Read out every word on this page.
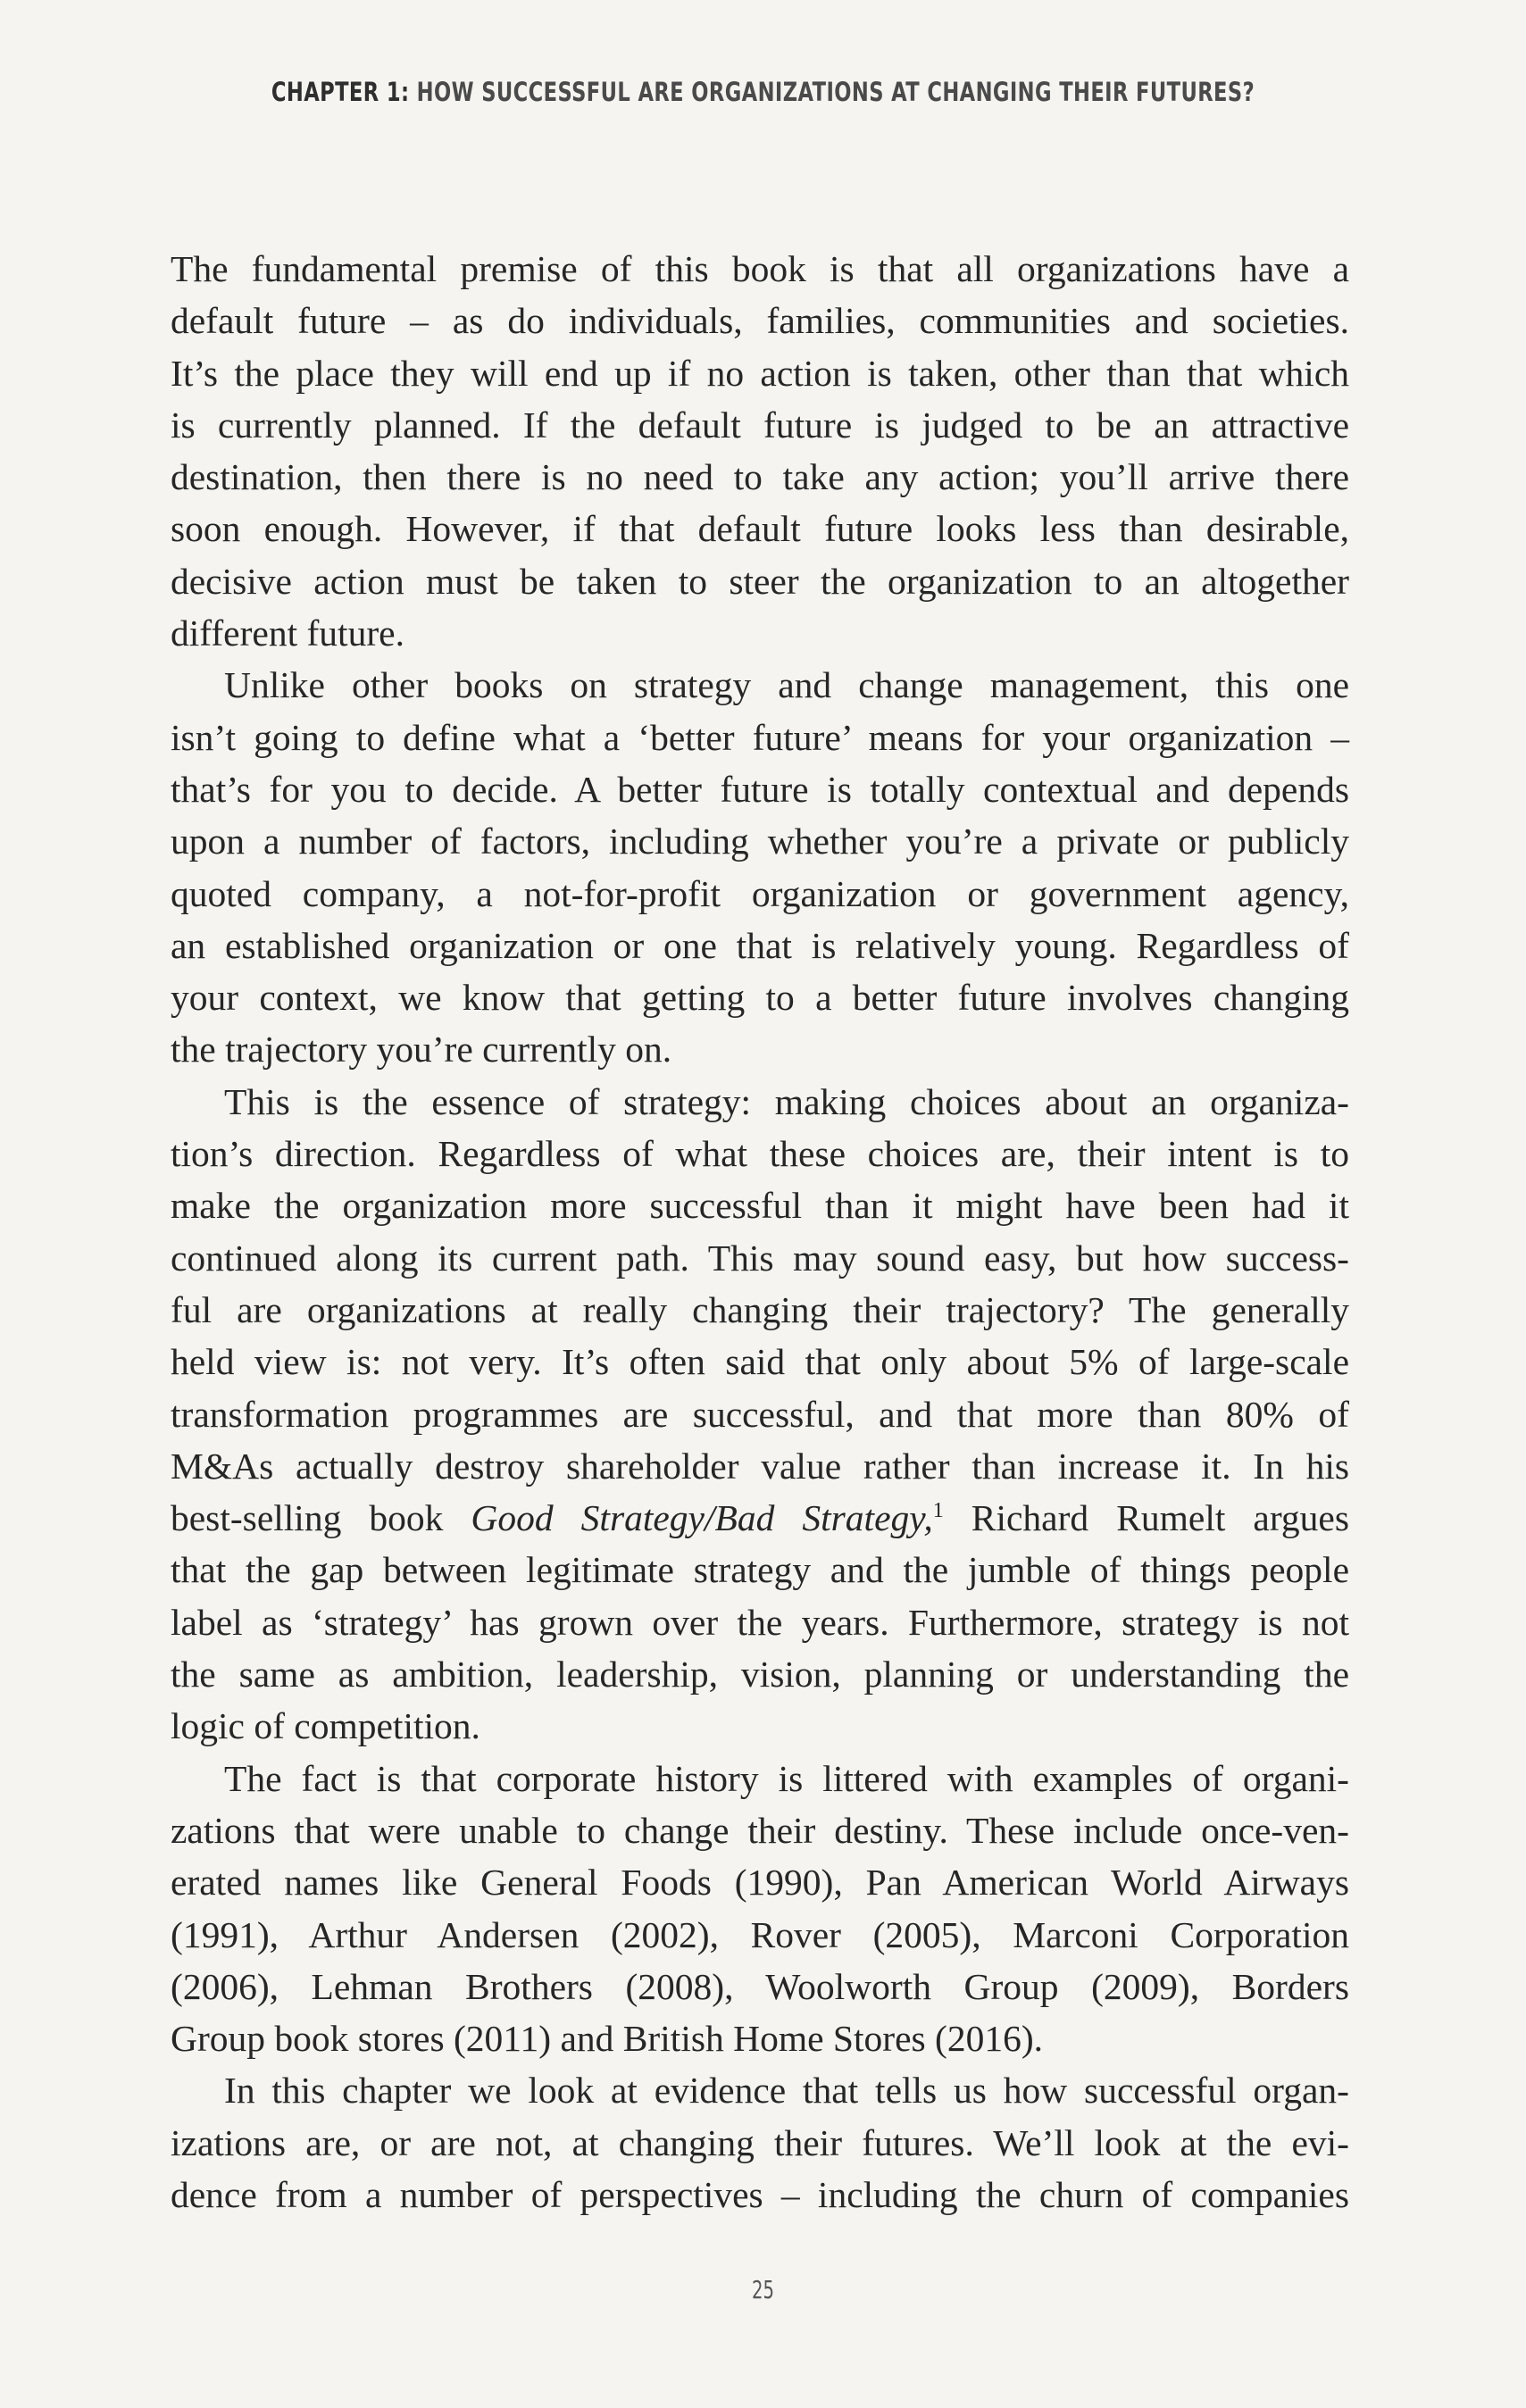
CHAPTER 1: HOW SUCCESSFUL ARE ORGANIZATIONS AT CHANGING THEIR FUTURES?

The fundamental premise of this book is that all organizations have a
default future – as do individuals, families, communities and societies.
It’s the place they will end up if no action is taken, other than that which
is currently planned. If the default future is judged to be an attractive
destination, then there is no need to take any action; you’ll arrive there
soon enough. However, if that default future looks less than desirable,
decisive action must be taken to steer the organization to an altogether
different future.

Unlike other books on strategy and change management, this one
isn’t going to define what a ‘better future’ means for your organization –
that’s for you to decide. A better future is totally contextual and depends
upon a number of factors, including whether you’re a private or publicly
quoted company, a not-for-profit organization or government agency,
an established organization or one that is relatively young. Regardless of
your context, we know that getting to a better future involves changing
the trajectory you’re currently on.

This is the essence of strategy: making choices about an organiza-
tion’s direction. Regardless of what these choices are, their intent is to
make the organization more successful than it might have been had it
continued along its current path. This may sound easy, but how success-
ful are organizations at really changing their trajectory? The generally
held view is: not very. It’s often said that only about 5% of large-scale
transformation programmes are successful, and that more than 80% of
M&As actually destroy shareholder value rather than increase it. In his
best-selling book Good Strategy/Bad Strategy,$^1$ Richard Rumelt argues
that the gap between legitimate strategy and the jumble of things people
label as ‘strategy’ has grown over the years. Furthermore, strategy is not
the same as ambition, leadership, vision, planning or understanding the
logic of competition.

The fact is that corporate history is littered with examples of organi-
zations that were unable to change their destiny. These include once-ven-
erated names like General Foods (1990), Pan American World Airways
(1991), Arthur Andersen (2002), Rover (2005), Marconi Corporation
(2006), Lehman Brothers (2008), Woolworth Group (2009), Borders
Group book stores (2011) and British Home Stores (2016).

In this chapter we look at evidence that tells us how successful organ-
izations are, or are not, at changing their futures. We’ll look at the evi-
dence from a number of perspectives – including the churn of companies

25
